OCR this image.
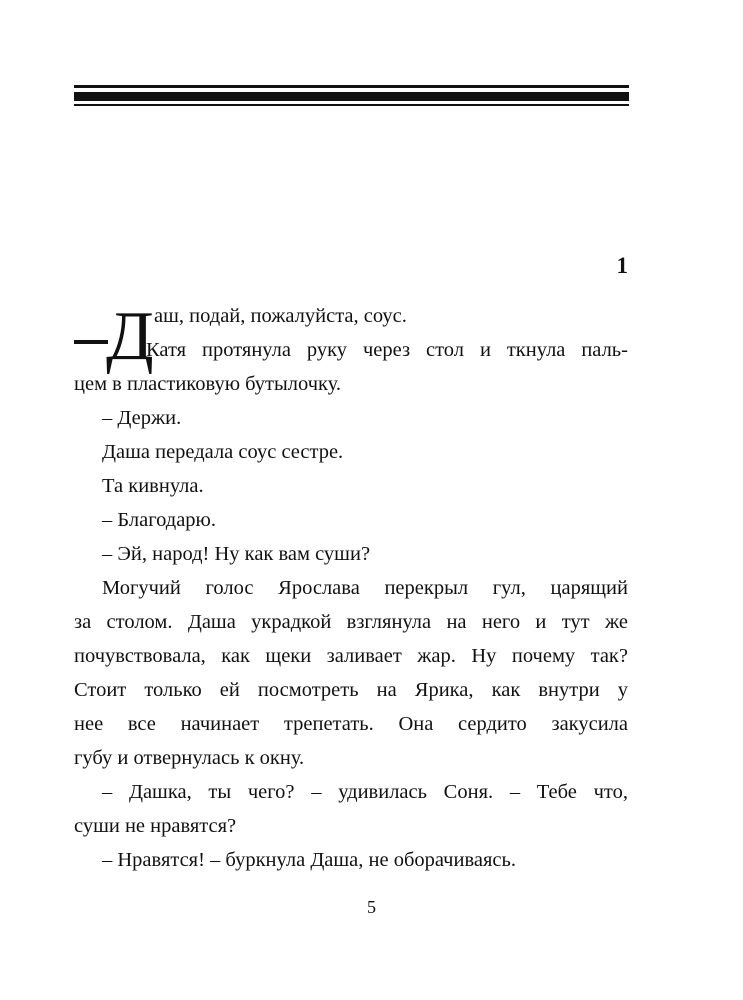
1
Д аш, подай, пожалуйста, соус.
Катя протянула руку через стол и ткнула паль-
цем в пластиковую бутылочку.
– Держи.
Даша передала соус сестре.
Та кивнула.
– Благодарю.
– Эй, народ! Ну как вам суши?
Могучий голос Ярослава перекрыл гул, царящий
за столом. Даша украдкой взглянула на него и тут же
почувствовала, как щеки заливает жар. Ну почему так?
Стоит только ей посмотреть на Ярика, как внутри у
нее все начинает трепетать. Она сердито закусила
губу и отвернулась к окну.
– Дашка, ты чего? – удивилась Соня. – Тебе что,
суши не нравятся?
– Нравятся! – буркнула Даша, не оборачиваясь.
5
